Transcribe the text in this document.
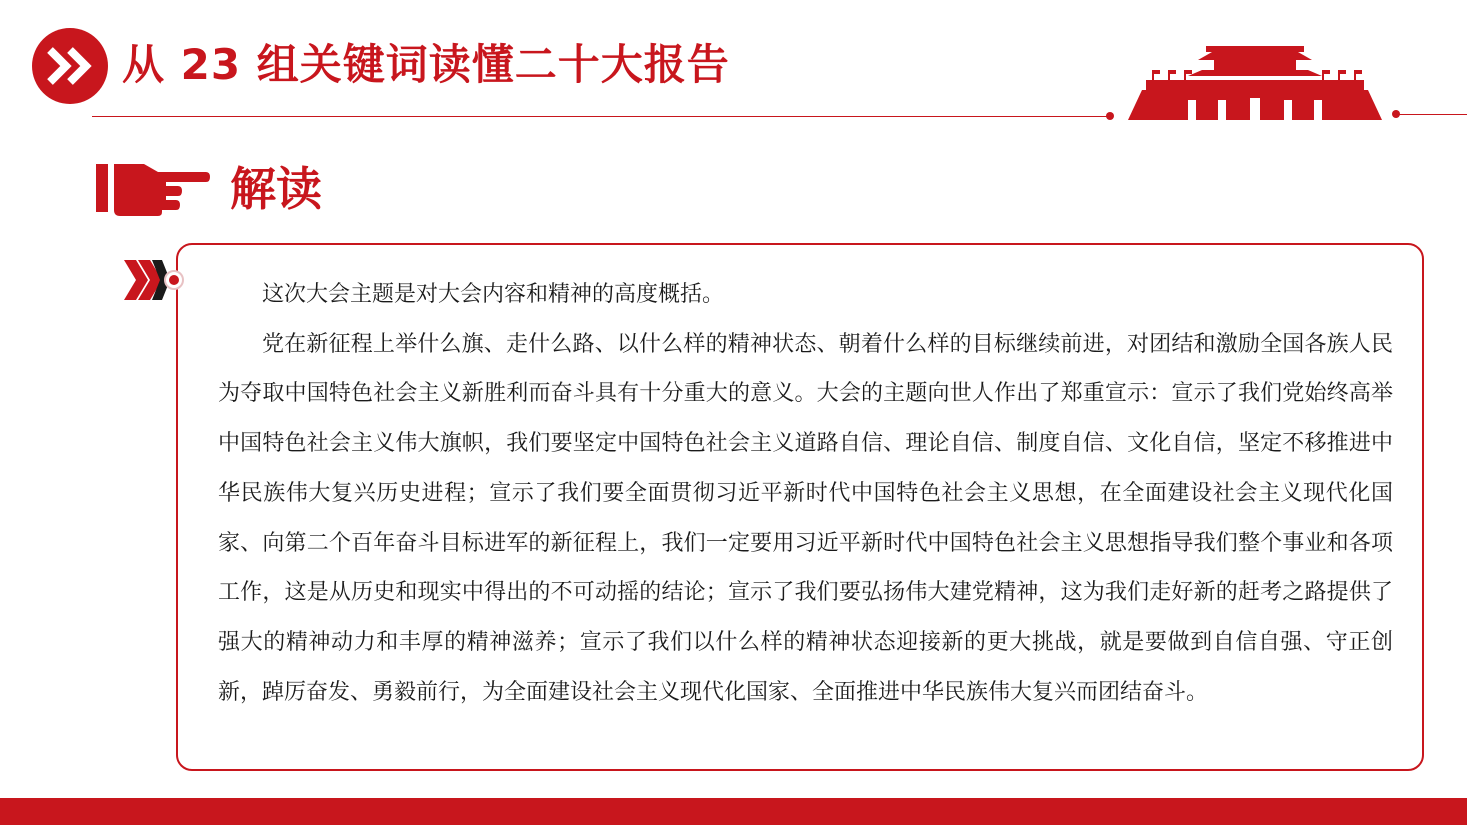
从 23 组关键词读懂二十大报告
解读

这次大会主题是对大会内容和精神的高度概括。

党在新征程上举什么旗、走什么路、以什么样的精神状态、朝着什么样的目标继续前进，对团结和激励全国各族人民为夺取中国特色社会主义新胜利而奋斗具有十分重大的意义。大会的主题向世人作出了郑重宣示：宣示了我们党始终高举中国特色社会主义伟大旗帜，我们要坚定中国特色社会主义道路自信、理论自信、制度自信、文化自信，坚定不移推进中华民族伟大复兴历史进程；宣示了我们要全面贯彻习近平新时代中国特色社会主义思想，在全面建设社会主义现代化国家、向第二个百年奋斗目标进军的新征程上，我们一定要用习近平新时代中国特色社会主义思想指导我们整个事业和各项工作，这是从历史和现实中得出的不可动摇的结论；宣示了我们要弘扬伟大建党精神，这为我们走好新的赶考之路提供了强大的精神动力和丰厚的精神滋养；宣示了我们以什么样的精神状态迎接新的更大挑战，就是要做到自信自强、守正创新，踔厉奋发、勇毅前行，为全面建设社会主义现代化国家、全面推进中华民族伟大复兴而团结奋斗。
